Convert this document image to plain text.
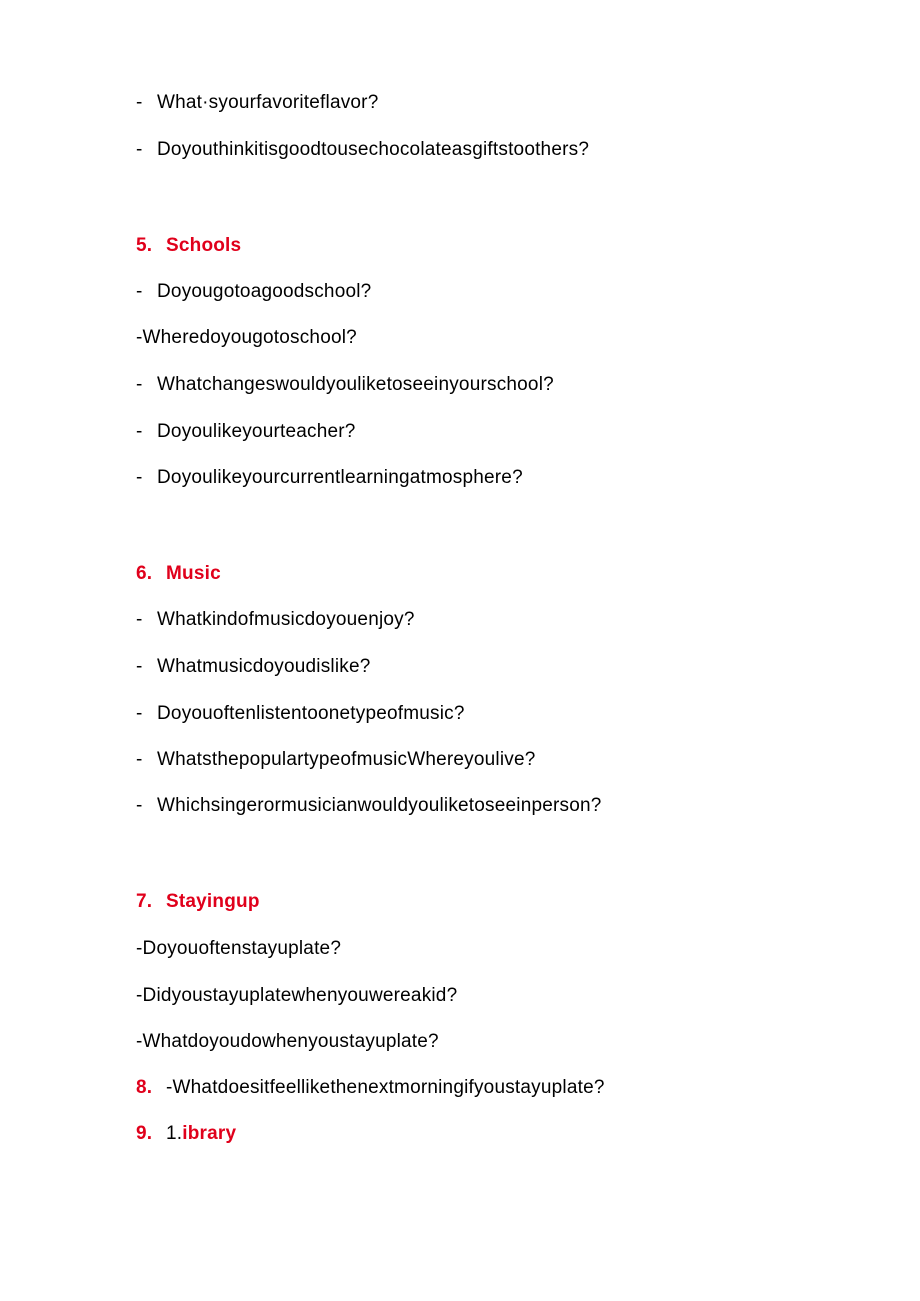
- What·syourfavoriteflavor?
- Doyouthinkitisgoodtousechocolateasgiftstoothers?
5. Schools
- Doyougotoagoodschool?
-Wheredoyougotoschool?
- Whatchangeswouldyouliketoseeinyourschool?
- Doyoulikeyourteacher?
- Doyoulikeyourcurrentlearningatmosphere?
6. Music
- Whatkindofmusicdoyouenjoy?
- Whatmusicdoyoudislike?
- Doyouoftenlistentoonetypeofmusic?
- WhatsthepopulartypeofmusicWhereyoulive?
- Whichsingerormusicianwouldyouliketoseeinperson?
7. Stayingup
-Doyouoftenstayuplate?
-Didyoustayuplatewhenyouwereakid?
-Whatdoyoudowhenyoustayuplate?
8. -Whatdoesitfeellikethenextmorningifyoustayuplate?
9. 1.ibrary
